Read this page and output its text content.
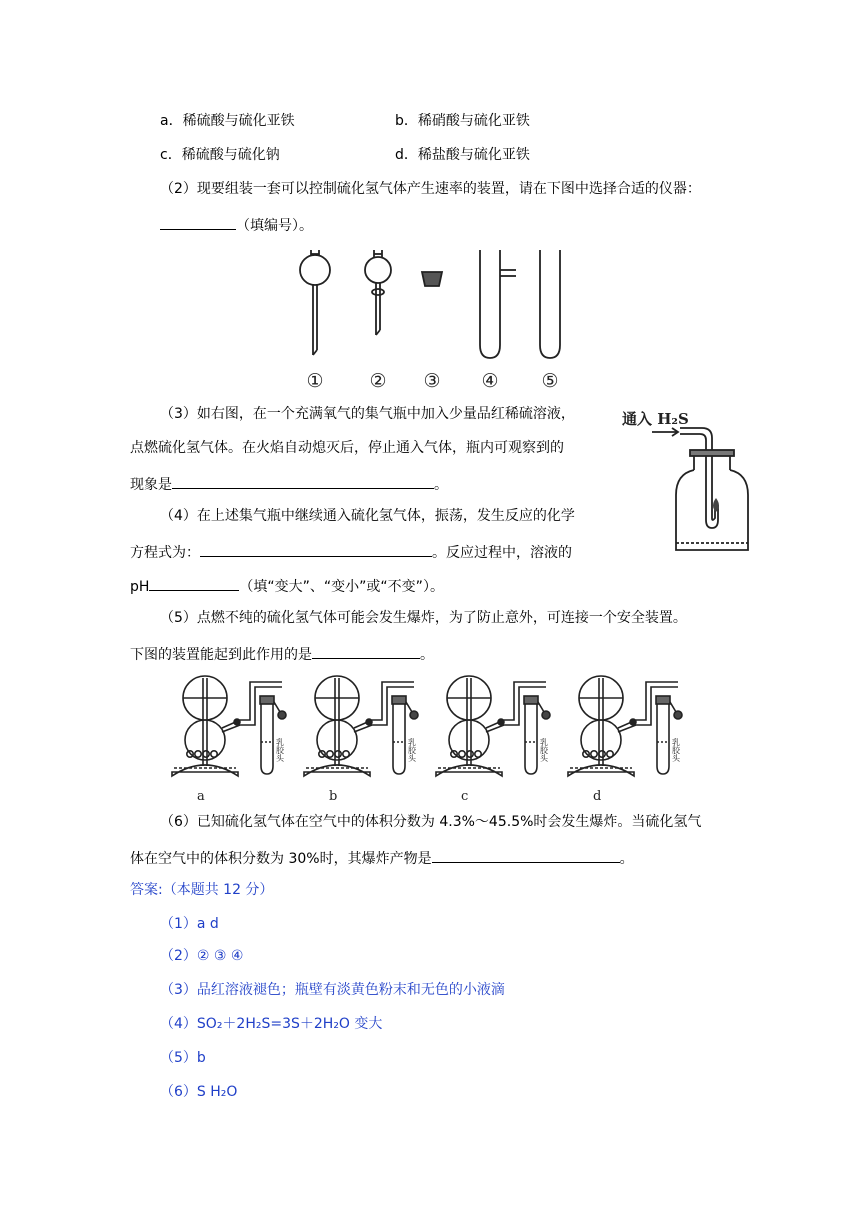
a．稀硫酸与硫化亚铁	b．稀硝酸与硫化亚铁
c．稀硫酸与硫化钠	d．稀盐酸与硫化亚铁
（2）现要组装一套可以控制硫化氢气体产生速率的装置，请在下图中选择合适的仪器：
（填编号）。
① ② ③ ④ ⑤
（3）如右图，在一个充满氧气的集气瓶中加入少量品红稀硫溶液，
点燃硫化氢气体。在火焰自动熄灭后，停止通入气体，瓶内可观察到的
现象是	。
通入 H₂S
（4）在上述集气瓶中继续通入硫化氢气体，振荡，发生反应的化学
方程式为：	。反应过程中，溶液的
pH	（填“变大”、“变小”或“不变”）。
（5）点燃不纯的硫化氢气体可能会发生爆炸，为了防止意外，可连接一个安全装置。
下图的装置能起到此作用的是	。
a
乳胶头
b
乳胶头
c
乳胶头
d
乳胶头
（6）已知硫化氢气体在空气中的体积分数为 4.3%～45.5%时会发生爆炸。当硫化氢气
体在空气中的体积分数为 30%时，其爆炸产物是	。
答案:（本题共 12 分）
（1）a d
（2）② ③ ④
（3）品红溶液褪色；瓶壁有淡黄色粉末和无色的小液滴
（4）SO₂＋2H₂S=3S＋2H₂O 变大
（5）b
（6）S H₂O
